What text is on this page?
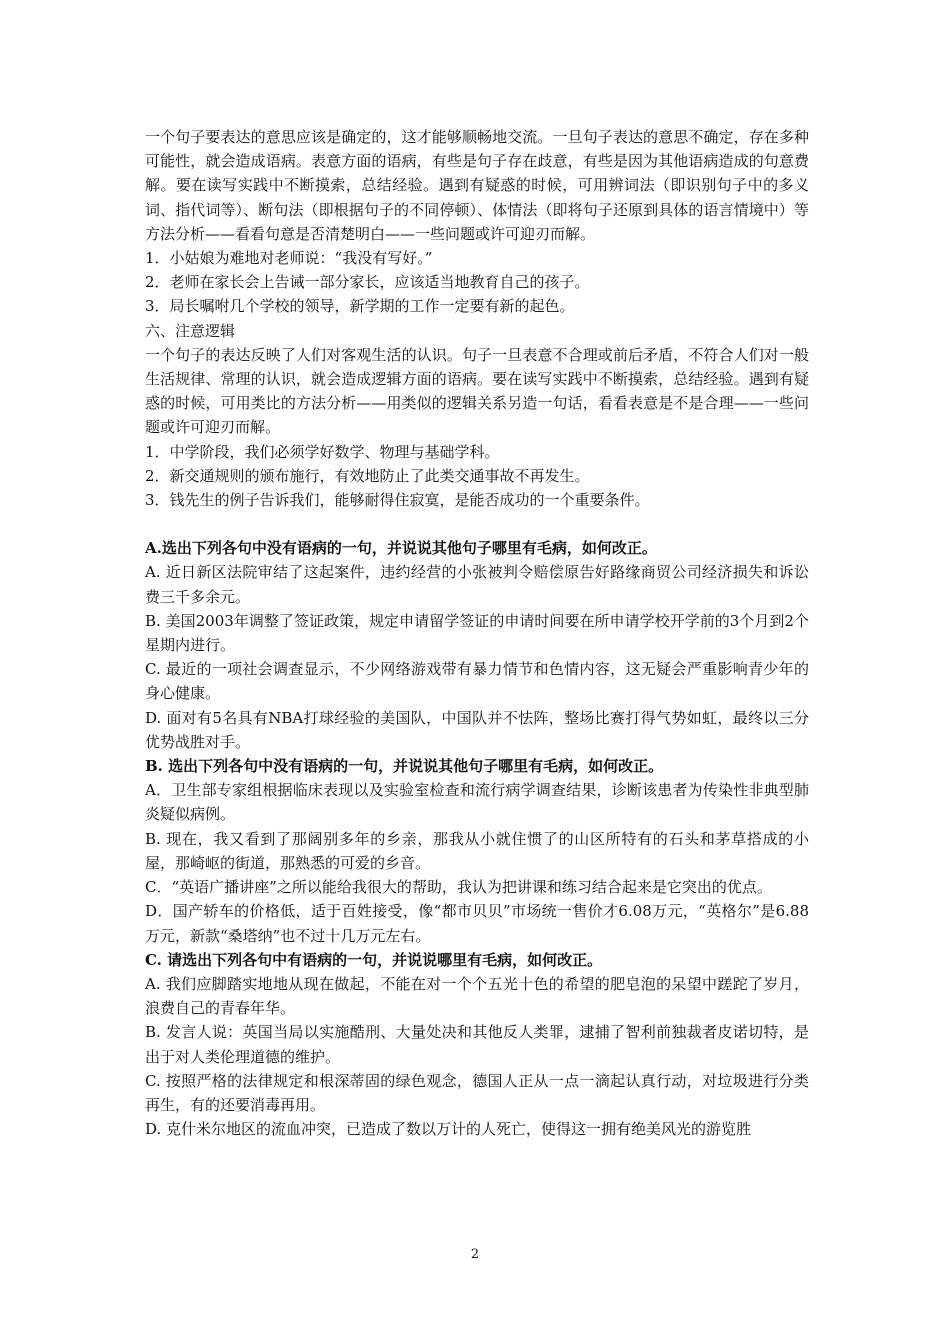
一个句子要表达的意思应该是确定的，这才能够顺畅地交流。一旦句子表达的意思不确定，存在多种可能性，就会造成语病。表意方面的语病，有些是句子存在歧意，有些是因为其他语病造成的句意费解。要在读写实践中不断摸索，总结经验。遇到有疑惑的时候，可用辨词法（即识别句子中的多义词、指代词等）、断句法（即根据句子的不同停顿）、体情法（即将句子还原到具体的语言情境中）等方法分析——看看句意是否清楚明白——一些问题或许可迎刃而解。

1．小姑娘为难地对老师说：“我没有写好。”

2．老师在家长会上告诫一部分家长，应该适当地教育自己的孩子。

3．局长嘱咐几个学校的领导，新学期的工作一定要有新的起色。

六、注意逻辑

一个句子的表达反映了人们对客观生活的认识。句子一旦表意不合理或前后矛盾，不符合人们对一般生活规律、常理的认识，就会造成逻辑方面的语病。要在读写实践中不断摸索，总结经验。遇到有疑惑的时候，可用类比的方法分析——用类似的逻辑关系另造一句话，看看表意是不是合理——一些问题或许可迎刃而解。

1．中学阶段，我们必须学好数学、物理与基础学科。

2．新交通规则的颁布施行，有效地防止了此类交通事故不再发生。

3．钱先生的例子告诉我们，能够耐得住寂寞，是能否成功的一个重要条件。

A.选出下列各句中没有语病的一句，并说说其他句子哪里有毛病，如何改正。

A. 近日新区法院审结了这起案件，违约经营的小张被判令赔偿原告好路缘商贸公司经济损失和诉讼费三千多余元。

B. 美国2003年调整了签证政策，规定申请留学签证的申请时间要在所申请学校开学前的3个月到2个星期内进行。

C. 最近的一项社会调查显示，不少网络游戏带有暴力情节和色情内容，这无疑会严重影响青少年的身心健康。

D. 面对有5名具有NBA打球经验的美国队，中国队并不怯阵，整场比赛打得气势如虹，最终以三分优势战胜对手。

B. 选出下列各句中没有语病的一句，并说说其他句子哪里有毛病，如何改正。

A．卫生部专家组根据临床表现以及实验室检查和流行病学调查结果，诊断该患者为传染性非典型肺炎疑似病例。

B. 现在，我又看到了那阔别多年的乡亲，那我从小就住惯了的山区所特有的石头和茅草搭成的小屋，那崎岖的街道，那熟悉的可爱的乡音。

C．“英语广播讲座”之所以能给我很大的帮助，我认为把讲课和练习结合起来是它突出的优点。

D．国产轿车的价格低，适于百姓接受，像“都市贝贝”市场统一售价才6.08万元，“英格尔”是6.88万元，新款“桑塔纳”也不过十几万元左右。

C. 请选出下列各句中有语病的一句，并说说哪里有毛病，如何改正。

A. 我们应脚踏实地地从现在做起，不能在对一个个五光十色的希望的肥皂泡的呆望中蹉跎了岁月，浪费自己的青春年华。

B. 发言人说：英国当局以实施酷刑、大量处决和其他反人类罪，逮捕了智利前独裁者皮诺切特，是出于对人类伦理道德的维护。

C. 按照严格的法律规定和根深蒂固的绿色观念，德国人正从一点一滴起认真行动，对垃圾进行分类再生，有的还要消毒再用。

D. 克什米尔地区的流血冲突，已造成了数以万计的人死亡，使得这一拥有绝美风光的游览胜

2
